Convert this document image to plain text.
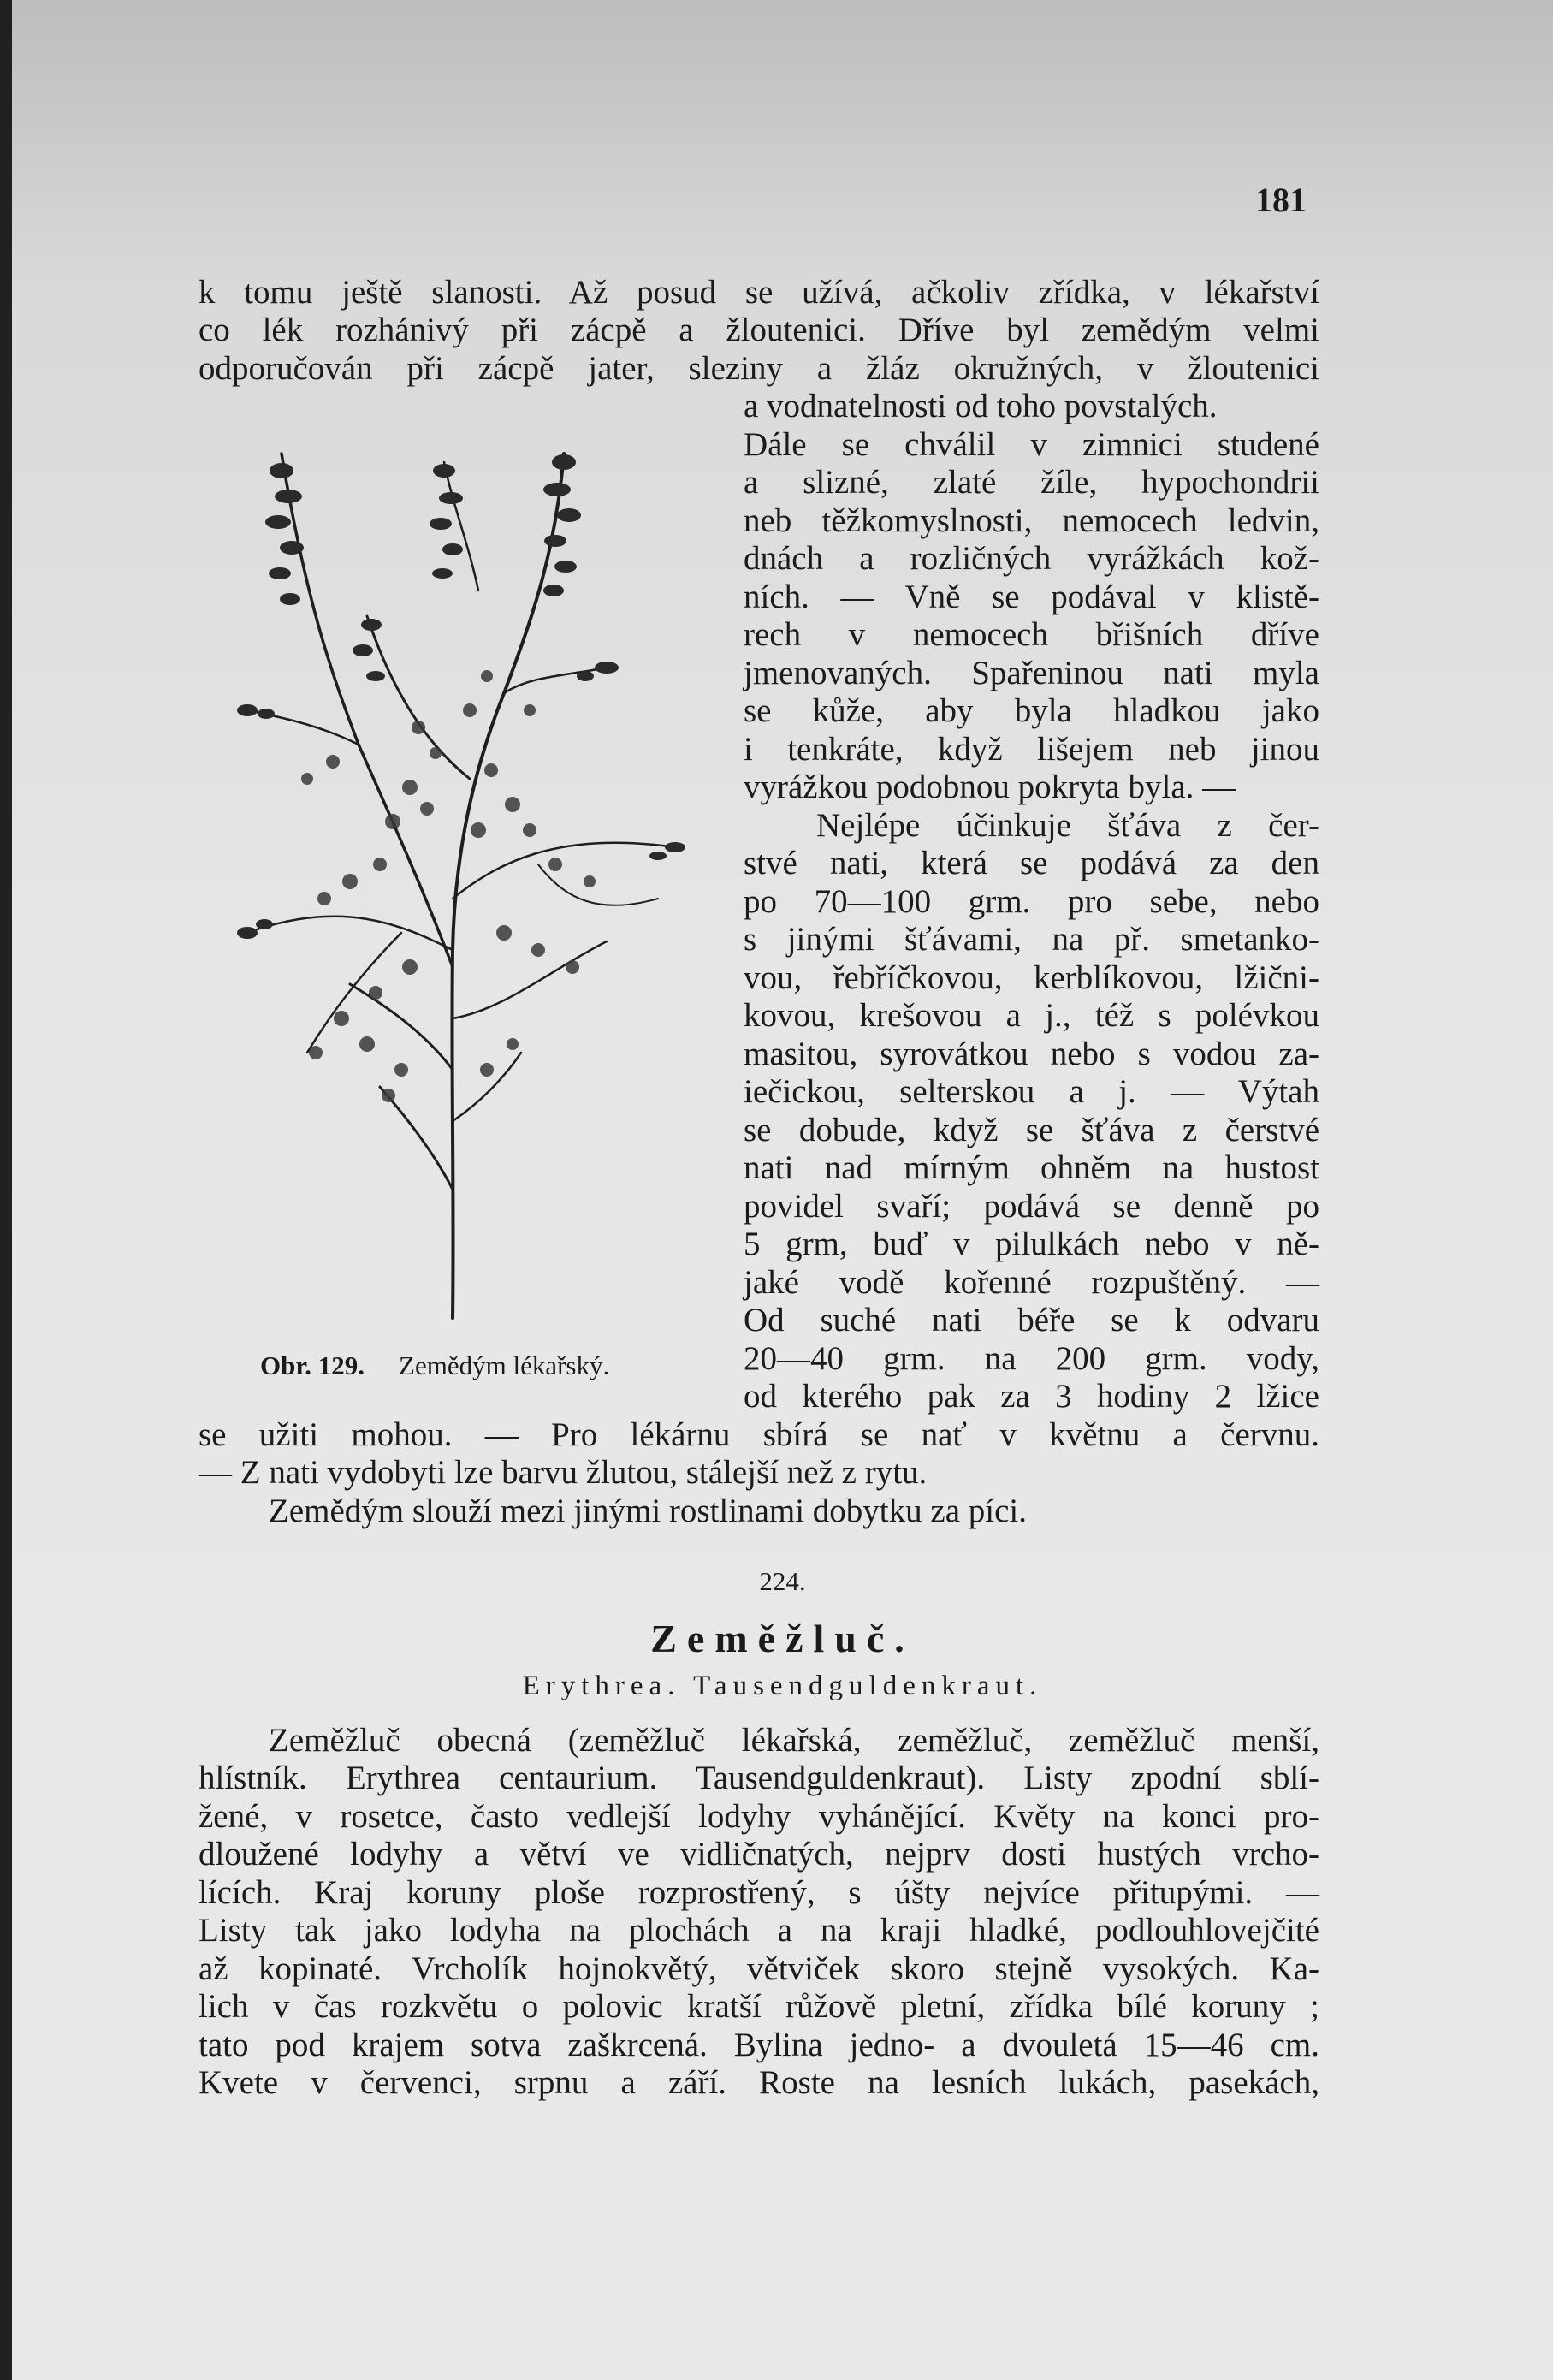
181

k tomu ještě slanosti. Až posud se užívá, ačkoliv zřídka, v lékařství

co lék rozhánivý při zácpě a žloutenici. Dříve byl zemědým velmi

odporučován při zácpě jater, sleziny a žláz okružných, v žloutenici

a vodnatelnosti od toho povstalých.

Dále se chválil v zimnici studené

a slizné, zlaté žíle, hypochondrii

neb těžkomyslnosti, nemocech ledvin,

dnách a rozličných vyrážkách kož-

ních. — Vně se podával v klistě-

rech v nemocech břišních dříve

jmenovaných. Spařeninou nati myla

se kůže, aby byla hladkou jako

i tenkráte, když lišejem neb jinou

vyrážkou podobnou pokryta byla. —

Nejlépe účinkuje šťáva z čer-

stvé nati, která se podává za den

po 70—100 grm. pro sebe, nebo

s jinými šťávami, na př. smetanko-

vou, řebříčkovou, kerblíkovou, lžični-

kovou, krešovou a j., též s polévkou

masitou, syrovátkou nebo s vodou za-

iečickou, selterskou a j. — Výtah

se dobude, když se šťáva z čerstvé

nati nad mírným ohněm na hustost

povidel svaří; podává se denně po

5 grm, buď v pilulkách nebo v ně-

jaké vodě kořenné rozpuštěný. —

Od suché nati béře se k odvaru

20—40 grm. na 200 grm. vody,

od kterého pak za 3 hodiny 2 lžice

se užiti mohou. — Pro lékárnu sbírá se nať v květnu a červnu.

— Z nati vydobyti lze barvu žlutou, stálejší než z rytu.

Zemědým slouží mezi jinými rostlinami dobytku za píci.

224.
Zeměžluč.
Erythrea. Tausendguldenkraut.

Zeměžluč obecná (zeměžluč lékařská, zeměžluč, zeměžluč menší,

hlístník. Erythrea centaurium. Tausendguldenkraut). Listy zpodní sblí-

žené, v rosetce, často vedlejší lodyhy vyhánějící. Květy na konci pro-

dloužené lodyhy a větví ve vidličnatých, nejprv dosti hustých vrcho-

lících. Kraj koruny ploše rozprostřený, s úšty nejvíce přitupými. —

Listy tak jako lodyha na plochách a na kraji hladké, podlouhlovejčité

až kopinaté. Vrcholík hojnokvětý, větviček skoro stejně vysokých. Ka-

lich v čas rozkvětu o polovic kratší růžově pletní, zřídka bílé koruny ;

tato pod krajem sotva zaškrcená. Bylina jedno- a dvouletá 15—46 cm.

Kvete v červenci, srpnu a září. Roste na lesních lukách, pasekách,

Obr. 129. Zemědým lékařský.
